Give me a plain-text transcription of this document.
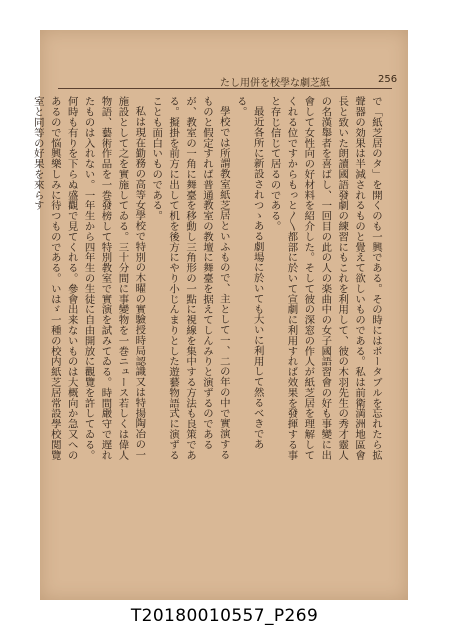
たし用併を校學な劇芝紙	256

で「紙芝居のタ」を開くのも一興である。その時にはポータブルを忘れたら拡聲器の効果は半減されるものと覺えて欲しいものである。私は前衛満洲地區會長と致いた朗讀國語發劇の練習にもこれを利用して、彼の木羽先生の秀才靈人の名漢舉者を喜ばし、一回目の此の人の楽曲中の女子國語習會の好も事變に出會して女性向の好材料を紹介した。そして彼の深窓の作人が紙芝居を理解してくれる位ですからもっと〳〵都部に於いて宣劇に利用すれば效果を發揮する事と存じ信じて居るのである。

最近各所に新設されつゝある劇場に於いても大いに利用して然るべきである。

學校では所謂教室紙芝居といふもので、主として一、二の年の中で實演するものと假定すれば普通教室の教壇に舞臺を据えてしんみりと演ずるのであるが、教室の一角に舞臺を移動し三角形の一點に視線を集中する方法も良策である。擬掛を前方に出して机を後方にやり小じんまりとした遊藝物語式に演ずることも面白いものである。

私は現在勤務の高等女學校で特別の木曜の實驗授時局認識又は特揚陶冶の一施設として之を實施してゐる。三十分間に事變物を一巻ニュース若しくは偉人物語、藝術作品を一巻發榜して特別教室で實演を試みてゐる。時間嚴守で遅れたものは入れない。一年生から四年生の生徒に自由開放に觀覽を許してゐる。何時も有りを下らぬ盛觀で見てくれる。參會出来ないものは大概向か急又へのあるので悩興樂しみに待つものである。いはゞ一種の校内紙芝居常設學校閲覽室と同等の好果を來らす

T20180010557_P269
